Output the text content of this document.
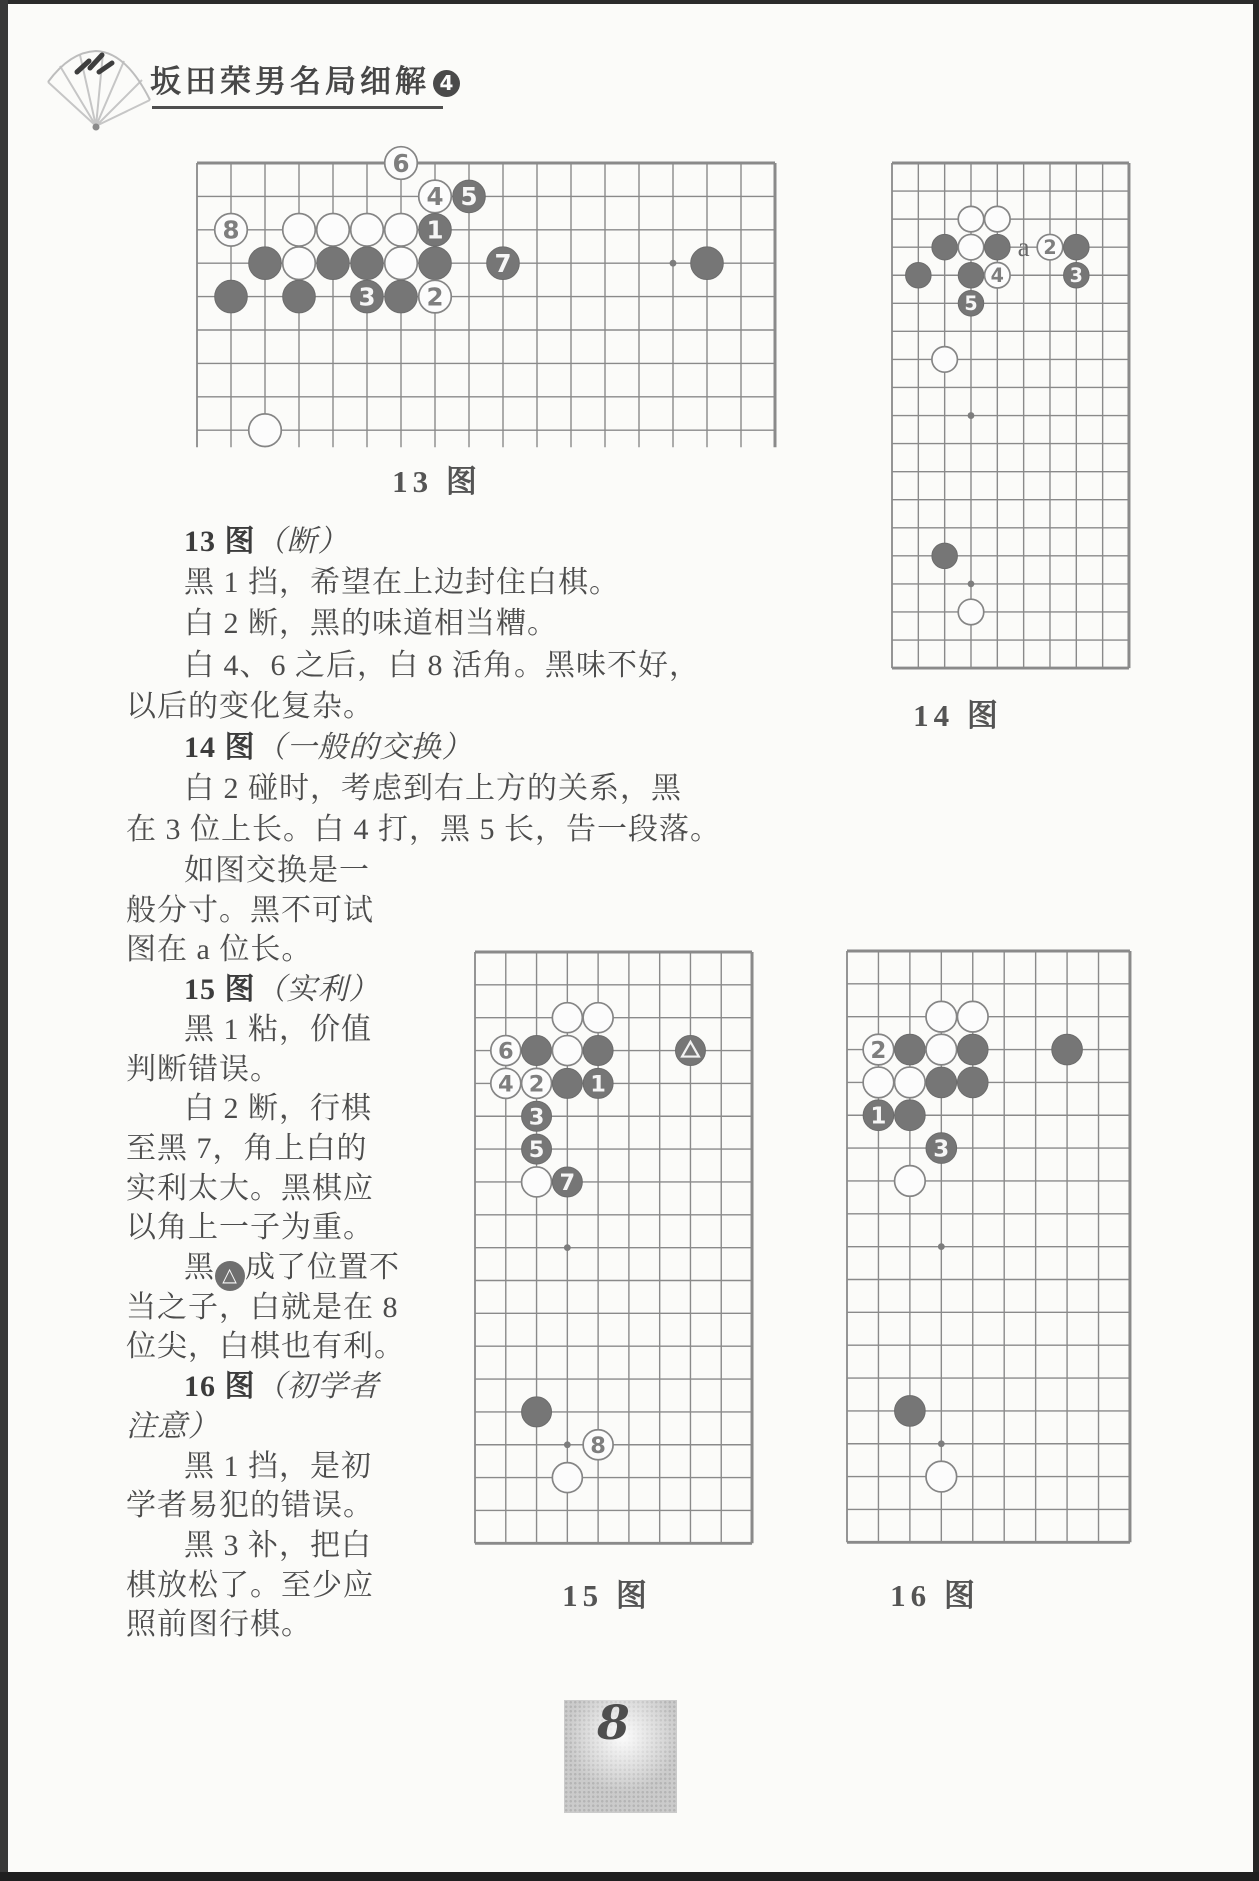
坂田荣男名局细解 4
6
4 5
8	1
7
3 2
a 2
4	3
5
6
4 2 1
3
5
7
8
2
1
3
13 图
14 图
15 图	16 图
13 图（断）
黑 1 挡，希望在上边封住白棋。
白 2 断，黑的味道相当糟。
白 4、6 之后，白 8 活角。黑味不好，
以后的变化复杂。
14 图（一般的交换）
白 2 碰时，考虑到右上方的关系，黑
在 3 位上长。白 4 打，黑 5 长，告一段落。
如图交换是一
般分寸。黑不可试
图在 a 位长。
15 图（实利）
黑 1 粘，价值
判断错误。
白 2 断，行棋
至黑 7，角上白的
实利太大。黑棋应
以角上一子为重。
黑 △ 成了位置不
当之子，白就是在 8
位尖，白棋也有利。
16 图（初学者
注意）
黑 1 挡，是初
学者易犯的错误。
黑 3 补，把白
棋放松了。至少应
照前图行棋。
8
